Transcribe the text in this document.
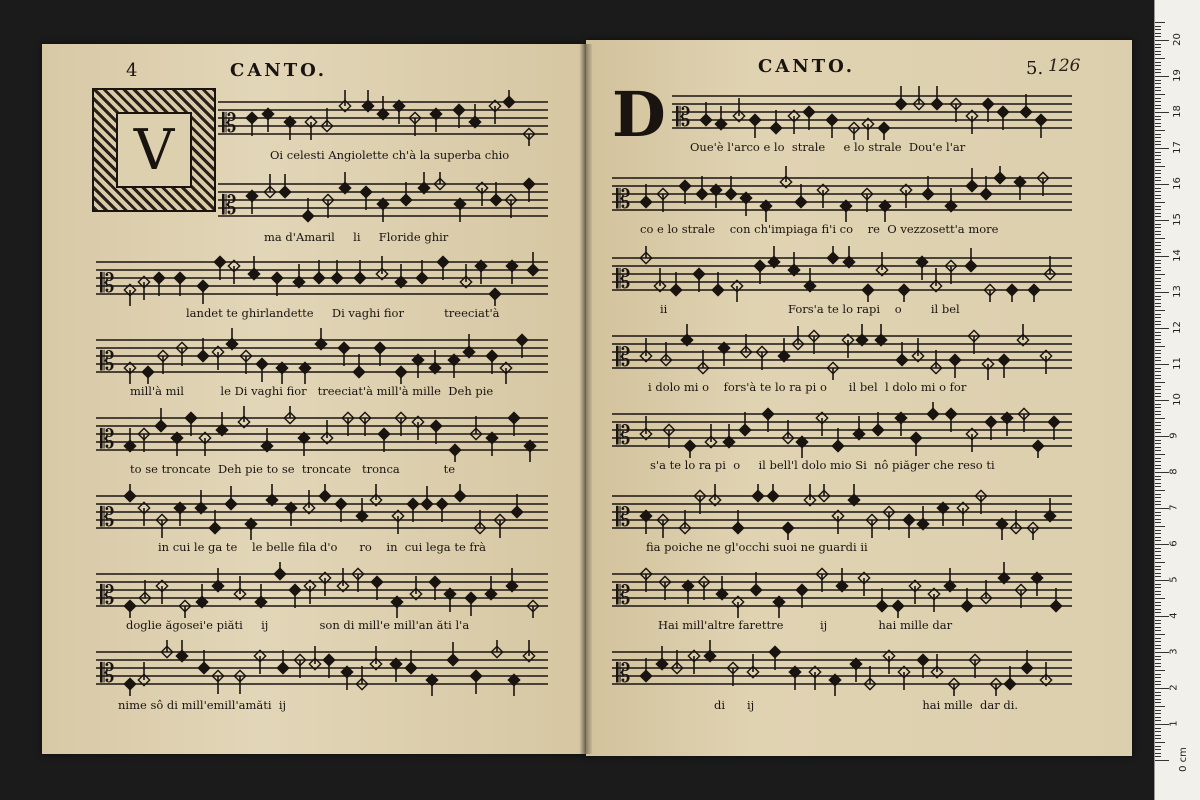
4	CANTO.
V
CANTO.	5. 126
D
Oi celesti Angiolette ch'à la superba chio
ma d'Amaril     li     Floride ghir
landet te ghirlandette     Di vaghi fior           treeciat'à
mill'à mil          le Di vaghi fior   treeciat'à mill'à mille  Deh pie
to se troncate  Deh pie to se  troncate   tronca            te
in cui le ga te    le belle fila d'o      ro    in  cui lega te frà
doglie ăgosei'e piăti     ij              son di mill'e mill'an ăti l'a
nime sô di mill'emill'amăti  ij
Oue'è l'arco e lo  strale     e lo strale  Dou'e l'ar
co e lo strale    con ch'impiaga fi'i co    re  O vezzosett'a more
ii                                 Fors'a te lo rapi    o        il bel
i dolo mi o    fors'à te lo ra pi o      il bel  l dolo mi o for
s'a te lo ra pi  o     il bell'l dolo mio Si  nô piăger che reso ti
fia poiche ne gl'occhi suoi ne guardi ii
Hai mill'altre farettre          ij              hai mille dar
di      ij                                              hai mille  dar di.
𝄡
𝄡
𝄡
𝄡
𝄡
𝄡
𝄡
𝄡
𝄡
𝄡
𝄡
𝄡
𝄡
𝄡
𝄡
𝄡
0 cm
1
2
3
4
5
6
7
8
9
10
11
12
13
14
15
16
17
18
19
20
